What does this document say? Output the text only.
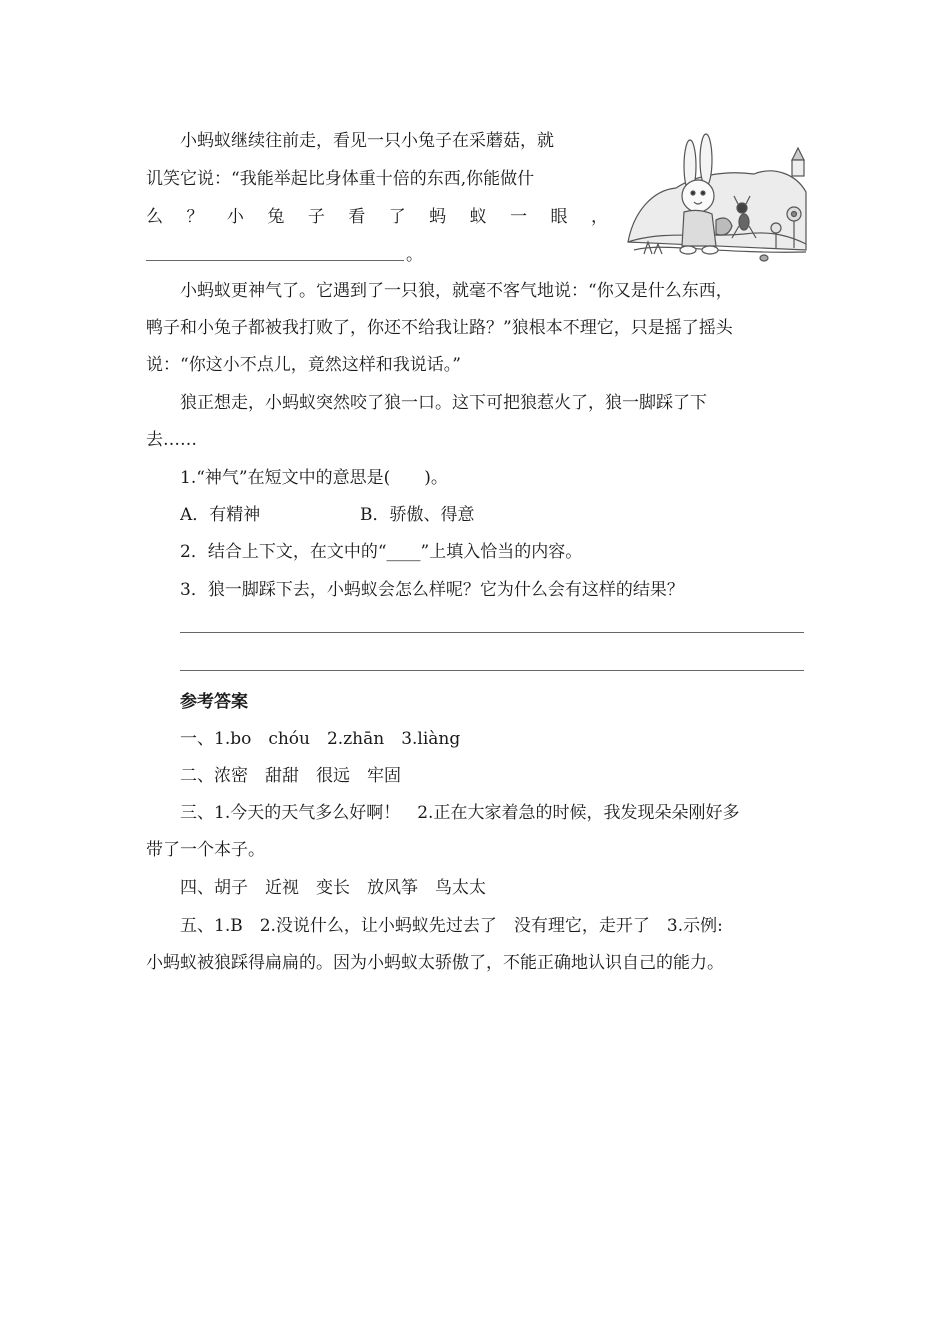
小蚂蚁继续往前走，看见一只小兔子在采蘑菇，就
讥笑它说：“我能举起比身体重十倍的东西,你能做什
么 ？ 小 兔 子 看 了 蚂 蚁 一 眼 ，
。
小蚂蚁更神气了。它遇到了一只狼，就毫不客气地说：“你又是什么东西，
鸭子和小兔子都被我打败了，你还不给我让路？”狼根本不理它，只是摇了摇头
说：“你这小不点儿，竟然这样和我说话。”
狼正想走，小蚂蚁突然咬了狼一口。这下可把狼惹火了，狼一脚踩了下
去……
1.“神气”在短文中的意思是(　　)。
A．有精神	B．骄傲、得意
2．结合上下文，在文中的“____”上填入恰当的内容。
3．狼一脚踩下去，小蚂蚁会怎么样呢？它为什么会有这样的结果？
参考答案
一、1.bo　chóu　2.zhān　3.liàng
二、浓密　甜甜　很远　牢固
三、1.今天的天气多么好啊！　2.正在大家着急的时候，我发现朵朵刚好多
带了一个本子。
四、胡子　近视　变长　放风筝　鸟太太
五、1.B　2.没说什么，让小蚂蚁先过去了　没有理它，走开了　3.示例:
小蚂蚁被狼踩得扁扁的。因为小蚂蚁太骄傲了，不能正确地认识自己的能力。
